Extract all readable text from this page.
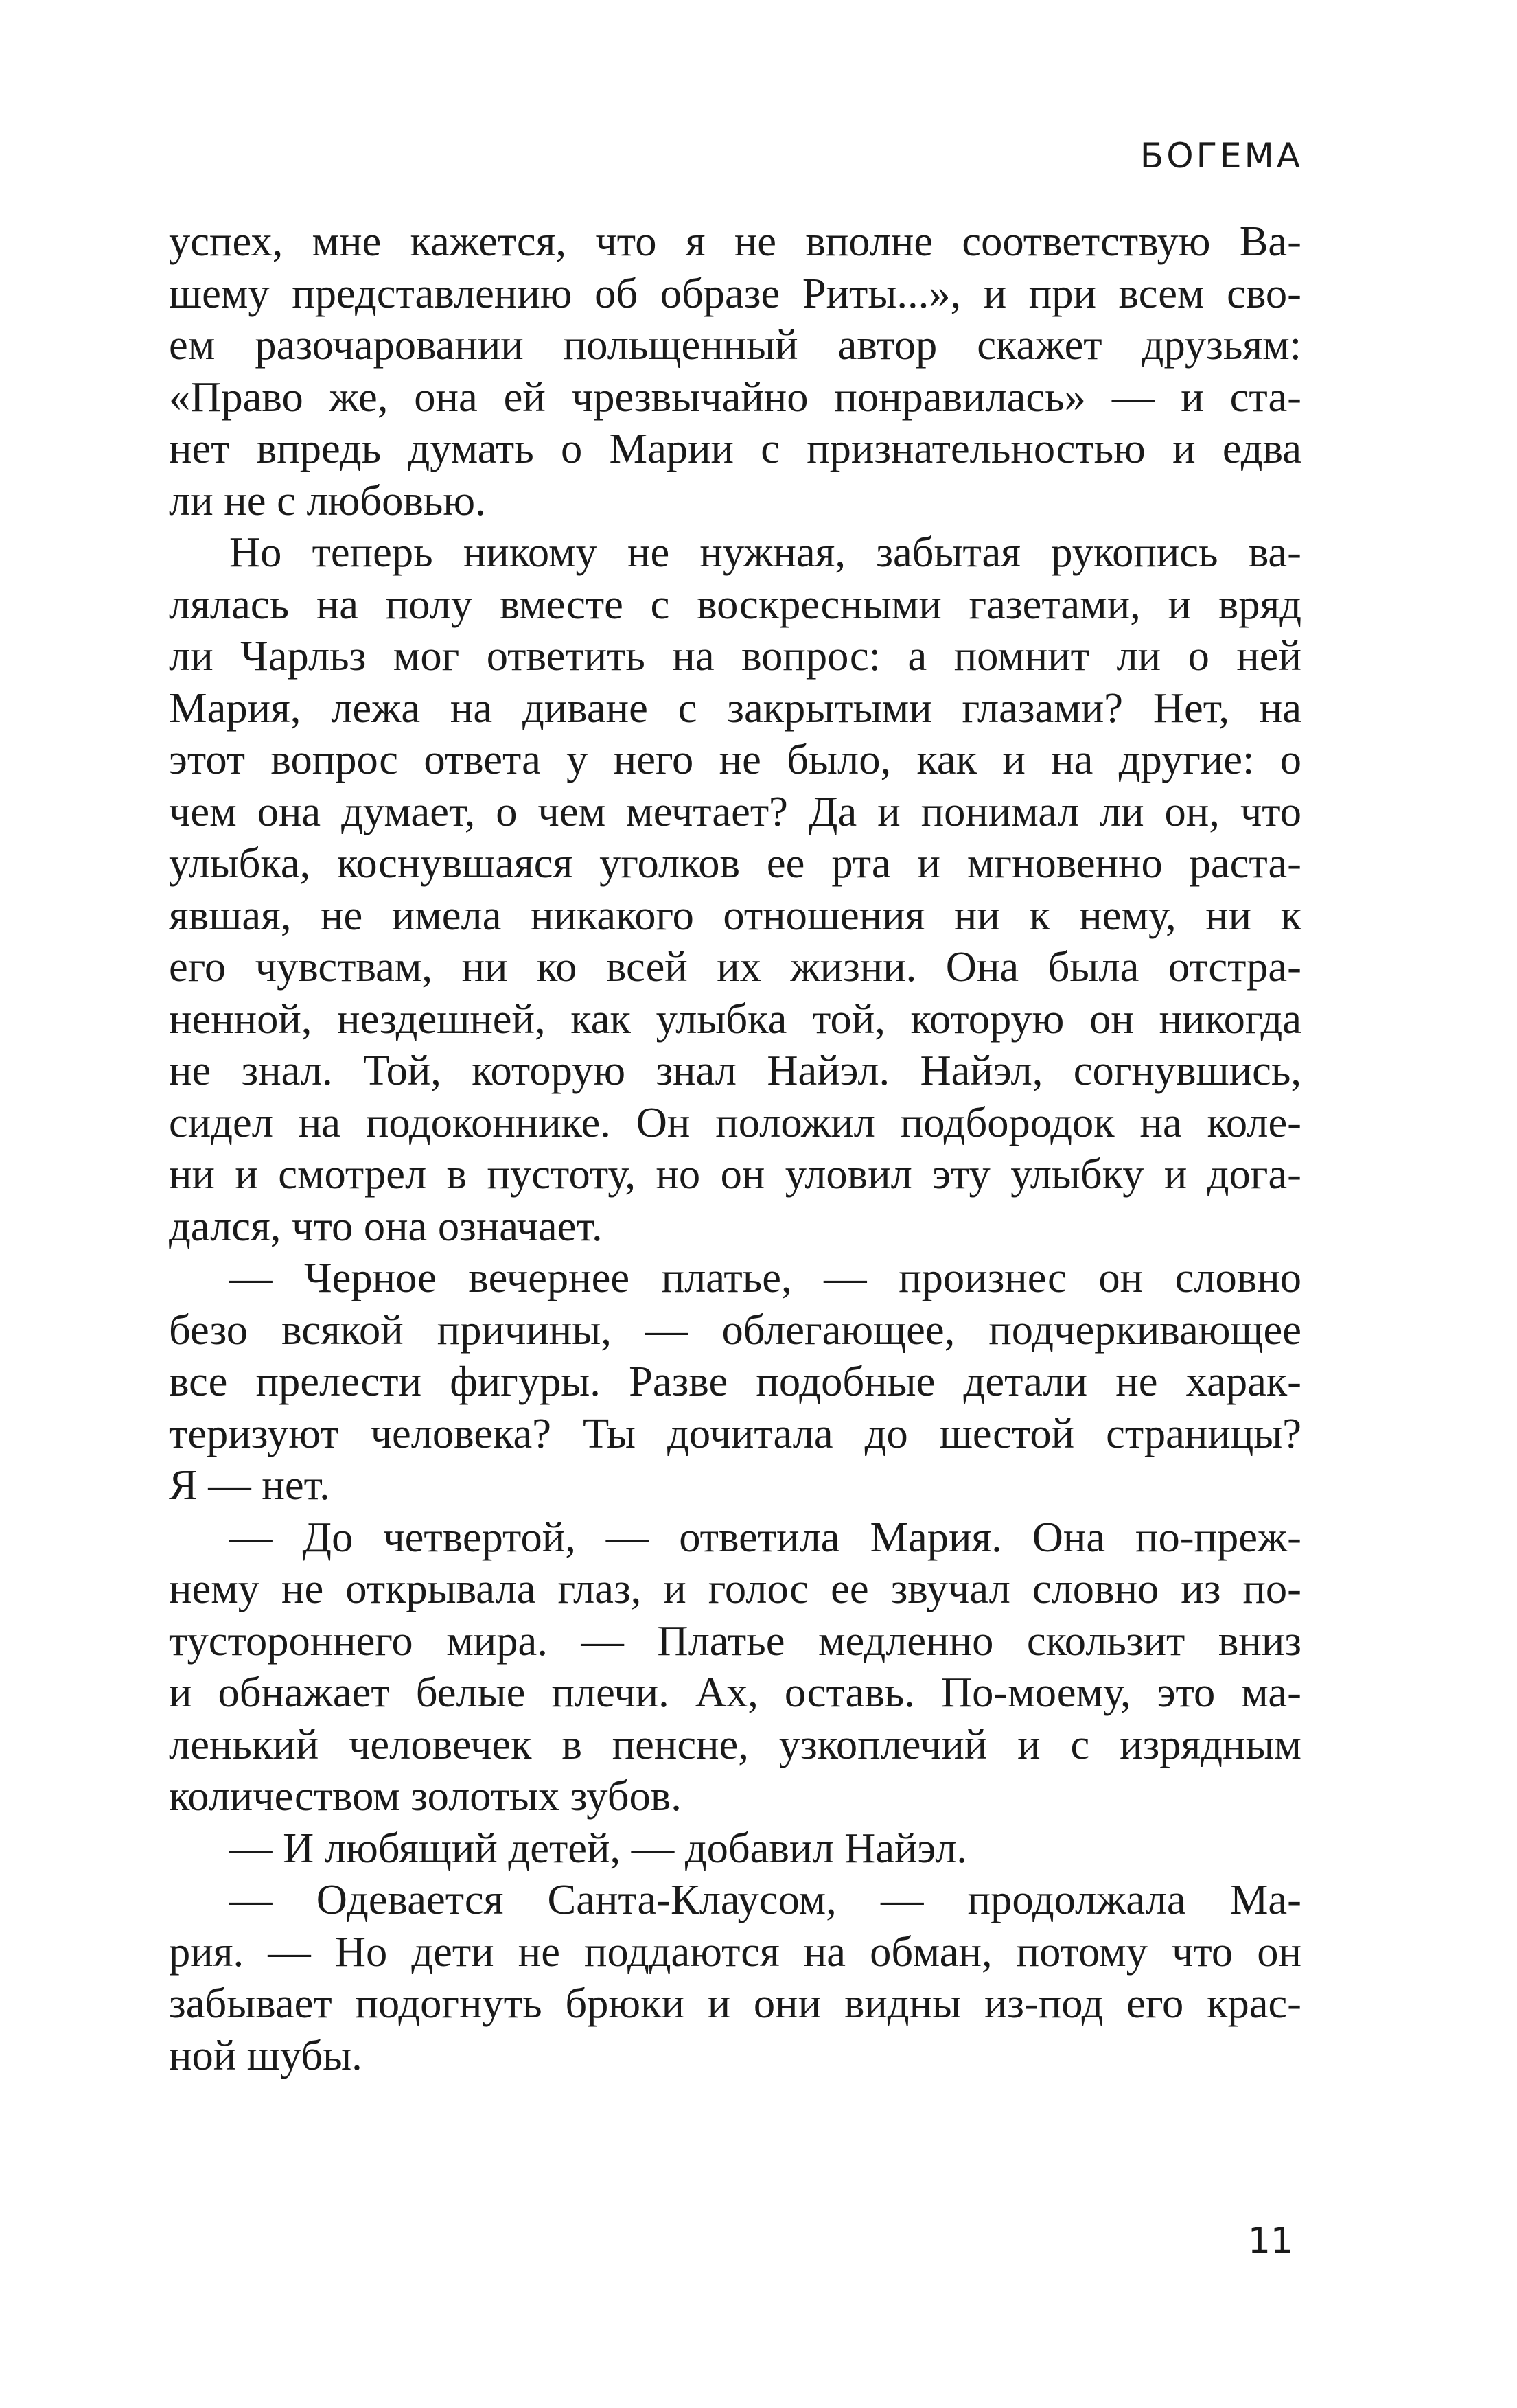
БОГЕМА
успех, мне кажется, что я не вполне соответствую Ва-
шему представлению об образе Риты...», и при всем сво-
ем разочаровании польщенный автор скажет друзьям:
«Право же, она ей чрезвычайно понравилась» — и ста-
нет впредь думать о Марии с признательностью и едва
ли не с любовью.
Но теперь никому не нужная, забытая рукопись ва-
лялась на полу вместе с воскресными газетами, и вряд
ли Чарльз мог ответить на вопрос: а помнит ли о ней
Мария, лежа на диване с закрытыми глазами? Нет, на
этот вопрос ответа у него не было, как и на другие: о
чем она думает, о чем мечтает? Да и понимал ли он, что
улыбка, коснувшаяся уголков ее рта и мгновенно раста-
явшая, не имела никакого отношения ни к нему, ни к
его чувствам, ни ко всей их жизни. Она была отстра-
ненной, нездешней, как улыбка той, которую он никогда
не знал. Той, которую знал Найэл. Найэл, согнувшись,
сидел на подоконнике. Он положил подбородок на коле-
ни и смотрел в пустоту, но он уловил эту улыбку и дога-
дался, что она означает.
— Черное вечернее платье, — произнес он словно
безо всякой причины, — облегающее, подчеркивающее
все прелести фигуры. Разве подобные детали не харак-
теризуют человека? Ты дочитала до шестой страницы?
Я — нет.
— До четвертой, — ответила Мария. Она по-преж-
нему не открывала глаз, и голос ее звучал словно из по-
тустороннего мира. — Платье медленно скользит вниз
и обнажает белые плечи. Ах, оставь. По-моему, это ма-
ленький человечек в пенсне, узкоплечий и с изрядным
количеством золотых зубов.
— И любящий детей, — добавил Найэл.
— Одевается Санта-Клаусом, — продолжала Ма-
рия. — Но дети не поддаются на обман, потому что он
забывает подогнуть брюки и они видны из-под его крас-
ной шубы.
11
